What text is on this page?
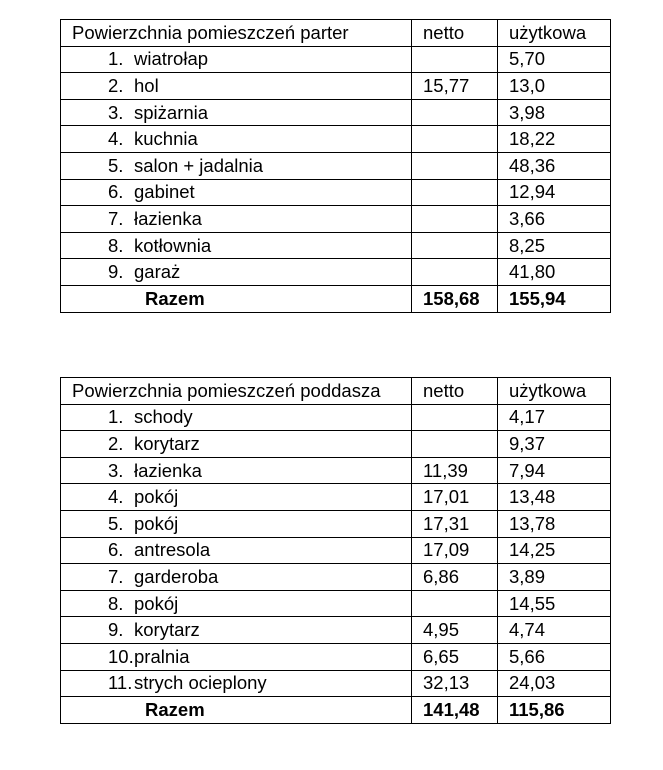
Powierzchnia pomieszczeń parter	netto	użytkowa
1. wiatrołap		5,70
2. hol	15,77	13,0
3. spiżarnia		3,98
4. kuchnia		18,22
5. salon + jadalnia		48,36
6. gabinet		12,94
7. łazienka		3,66
8. kotłownia		8,25
9. garaż		41,80
Razem	158,68	155,94
Powierzchnia pomieszczeń poddasza	netto	użytkowa
1. schody		4,17
2. korytarz		9,37
3. łazienka	11,39	7,94
4. pokój	17,01	13,48
5. pokój	17,31	13,78
6. antresola	17,09	14,25
7. garderoba	6,86	3,89
8. pokój		14,55
9. korytarz	4,95	4,74
10.pralnia	6,65	5,66
11.strych ocieplony	32,13	24,03
Razem	141,48	115,86
